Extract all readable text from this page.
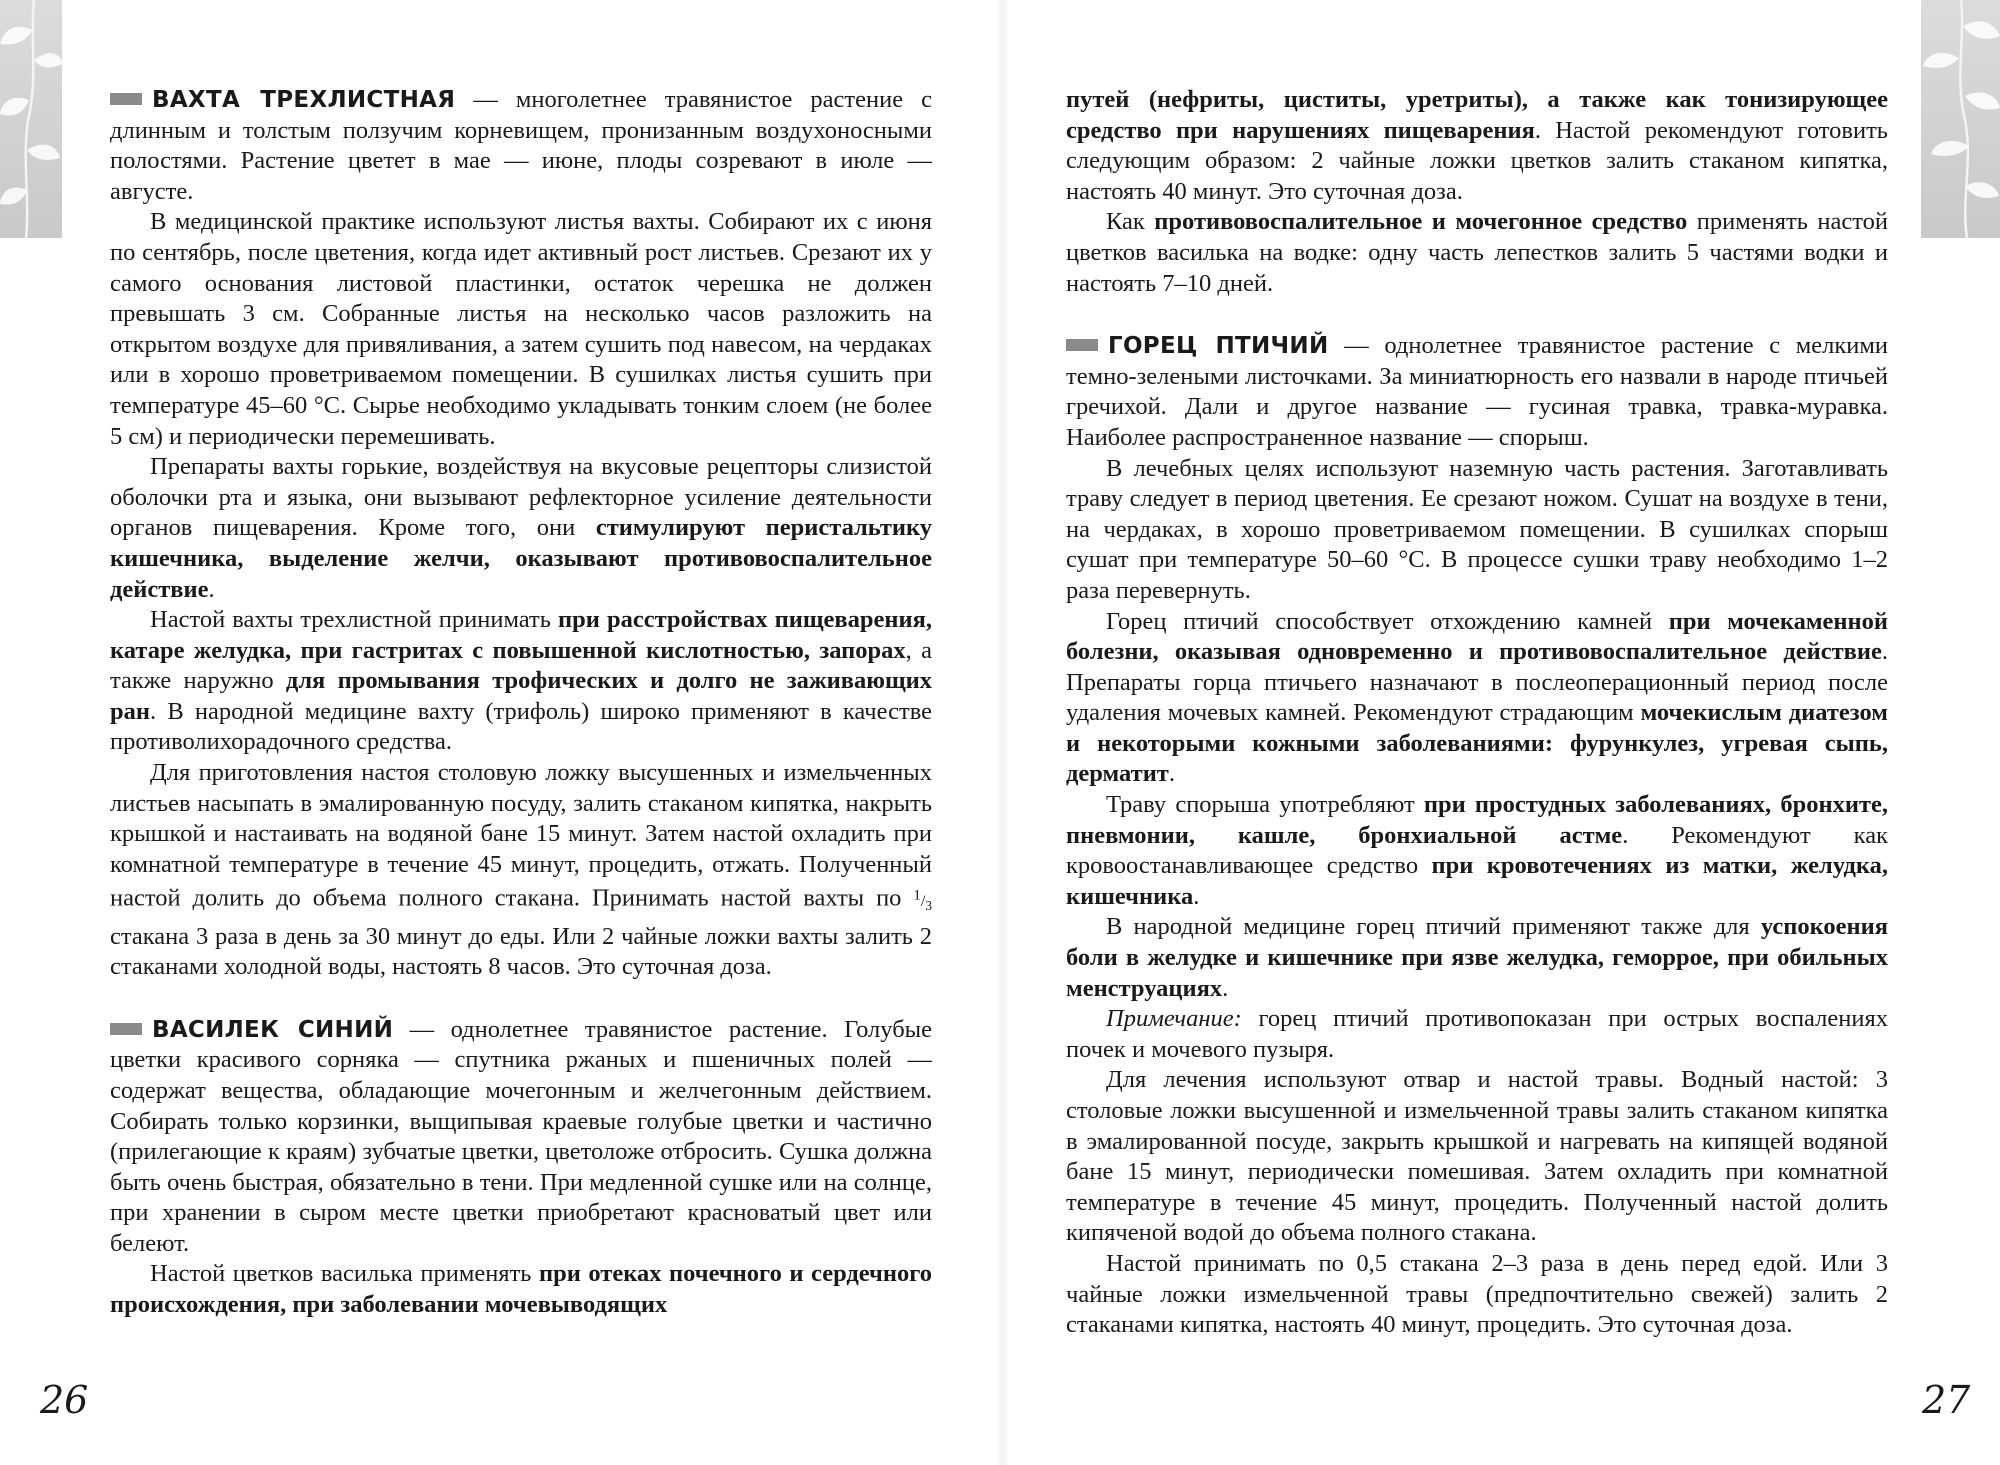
ВАХТА ТРЕХЛИСТНАЯ — многолетнее травянистое растение с длинным и толстым ползучим корневищем, пронизанным воздухоносными полостями. Растение цветет в мае — июне, плоды созревают в июле — августе.

В медицинской практике используют листья вахты. Собирают их с июня по сентябрь, после цветения, когда идет активный рост листьев. Срезают их у самого основания листовой пластинки, остаток черешка не должен превышать 3 см. Собранные листья на несколько часов разложить на открытом воздухе для привяливания, а затем сушить под навесом, на чердаках или в хорошо проветриваемом помещении. В сушилках листья сушить при температуре 45–60 °C. Сырье необходимо укладывать тонким слоем (не более 5 см) и периодически перемешивать.

Препараты вахты горькие, воздействуя на вкусовые рецепторы слизистой оболочки рта и языка, они вызывают рефлекторное усиление деятельности органов пищеварения. Кроме того, они стимулируют перистальтику кишечника, выделение желчи, оказывают противовоспалительное действие.

Настой вахты трехлистной принимать при расстройствах пищеварения, катаре желудка, при гастритах с повышенной кислотностью, запорах, а также наружно для промывания трофических и долго не заживающих ран. В народной медицине вахту (трифоль) широко применяют в качестве противолихорадочного средства.

Для приготовления настоя столовую ложку высушенных и измельченных листьев насыпать в эмалированную посуду, залить стаканом кипятка, накрыть крышкой и настаивать на водяной бане 15 минут. Затем настой охладить при комнатной температуре в течение 45 минут, процедить, отжать. Полученный настой долить до объема полного стакана. Принимать настой вахты по $^1/_3$ стакана 3 раза в день за 30 минут до еды. Или 2 чайные ложки вахты залить 2 стаканами холодной воды, настоять 8 часов. Это суточная доза.

ВАСИЛЕК СИНИЙ — однолетнее травянистое растение. Голубые цветки красивого сорняка — спутника ржаных и пшеничных полей — содержат вещества, обладающие мочегонным и желчегонным действием. Собирать только корзинки, выщипывая краевые голубые цветки и частично (прилегающие к краям) зубчатые цветки, цветоложе отбросить. Сушка должна быть очень быстрая, обязательно в тени. При медленной сушке или на солнце, при хранении в сыром месте цветки приобретают красноватый цвет или белеют.

Настой цветков василька применять при отеках почечного и сердечного происхождения, при заболевании мочевыводящих

путей (нефриты, циститы, уретриты), а также как тонизирующее средство при нарушениях пищеварения. Настой рекомендуют готовить следующим образом: 2 чайные ложки цветков залить стаканом кипятка, настоять 40 минут. Это суточная доза.

Как противовоспалительное и мочегонное средство применять настой цветков василька на водке: одну часть лепестков залить 5 частями водки и настоять 7–10 дней.

ГОРЕЦ ПТИЧИЙ — однолетнее травянистое растение с мелкими темно-зелеными листочками. За миниатюрность его назвали в народе птичьей гречихой. Дали и другое название — гусиная травка, травка-муравка. Наиболее распространенное название — спорыш.

В лечебных целях используют наземную часть растения. Заготавливать траву следует в период цветения. Ее срезают ножом. Сушат на воздухе в тени, на чердаках, в хорошо проветриваемом помещении. В сушилках спорыш сушат при температуре 50–60 °C. В процессе сушки траву необходимо 1–2 раза перевернуть.

Горец птичий способствует отхождению камней при мочекаменной болезни, оказывая одновременно и противовоспалительное действие. Препараты горца птичьего назначают в послеоперационный период после удаления мочевых камней. Рекомендуют страдающим мочекислым диатезом и некоторыми кожными заболеваниями: фурункулез, угревая сыпь, дерматит.

Траву спорыша употребляют при простудных заболеваниях, бронхите, пневмонии, кашле, бронхиальной астме. Рекомендуют как кровоостанавливающее средство при кровотечениях из матки, желудка, кишечника.

В народной медицине горец птичий применяют также для успокоения боли в желудке и кишечнике при язве желудка, геморрое, при обильных менструациях.

Примечание: горец птичий противопоказан при острых воспалениях почек и мочевого пузыря.

Для лечения используют отвар и настой травы. Водный настой: 3 столовые ложки высушенной и измельченной травы залить стаканом кипятка в эмалированной посуде, закрыть крышкой и нагревать на кипящей водяной бане 15 минут, периодически помешивая. Затем охладить при комнатной температуре в течение 45 минут, процедить. Полученный настой долить кипяченой водой до объема полного стакана.

Настой принимать по 0,5 стакана 2–3 раза в день перед едой. Или 3 чайные ложки измельченной травы (предпочтительно свежей) залить 2 стаканами кипятка, настоять 40 минут, процедить. Это суточная доза.

26	27
